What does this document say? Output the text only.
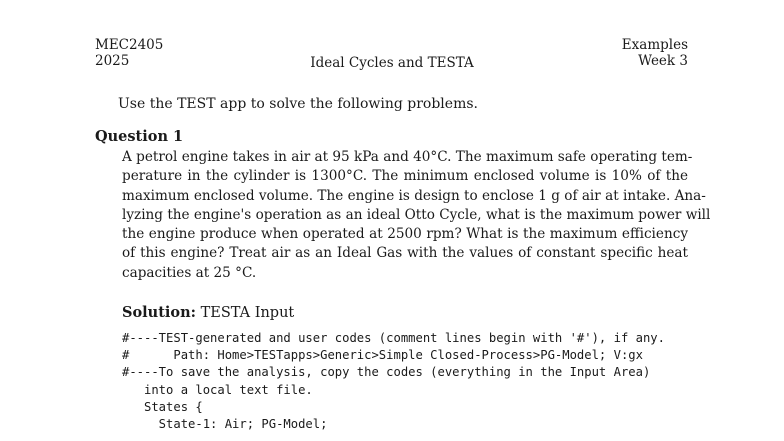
MEC2405
2025	Ideal Cycles and TESTA
Examples
Week 3
Use the TEST app to solve the following problems.
Question 1
A petrol engine takes in air at 95 kPa and 40°C. The maximum safe operating tem-
perature in the cylinder is 1300°C. The minimum enclosed volume is 10% of the
maximum enclosed volume. The engine is design to enclose 1 g of air at intake. Ana-
lyzing the engine's operation as an ideal Otto Cycle, what is the maximum power will
the engine produce when operated at 2500 rpm? What is the maximum efficiency
of this engine? Treat air as an Ideal Gas with the values of constant specific heat
capacities at 25 °C.
Solution: TESTA Input
#----TEST-generated and user codes (comment lines begin with '#'), if any.
#      Path: Home>TESTapps>Generic>Simple Closed-Process>PG-Model; V:gx
#----To save the analysis, copy the codes (everything in the Input Area)
into a local text file.
States {
State-1: Air; PG-Model;
